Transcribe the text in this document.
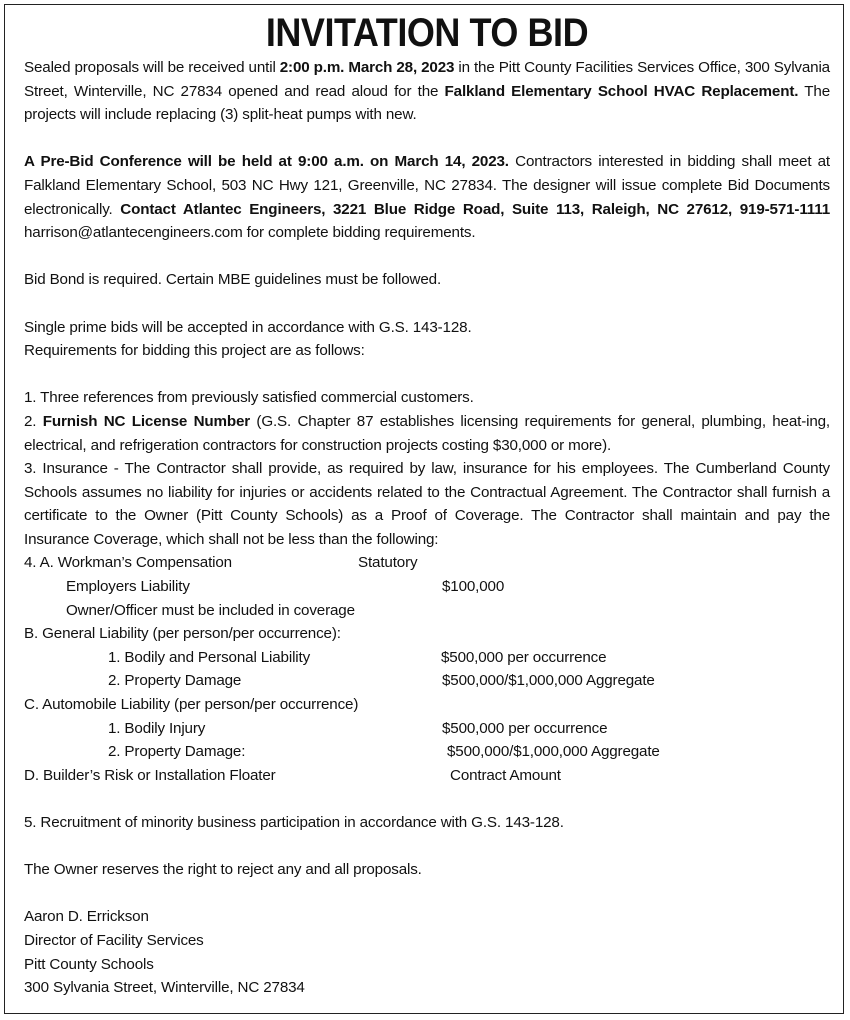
INVITATION TO BID

Sealed proposals will be received until 2:00 p.m. March 28, 2023 in the Pitt County Facilities Services Office, 300 Sylvania Street, Winterville, NC 27834 opened and read aloud for the Falkland Elementary School HVAC Replacement. The projects will include replacing (3) split-heat pumps with new.

A Pre-Bid Conference will be held at 9:00 a.m. on March 14, 2023. Contractors interested in bidding shall meet at Falkland Elementary School, 503 NC Hwy 121, Greenville, NC 27834. The designer will issue complete Bid Documents electronically. Contact Atlantec Engineers, 3221 Blue Ridge Road, Suite 113, Raleigh, NC 27612, 919-571-1111 harrison@atlantecengineers.com for complete bidding requirements.

Bid Bond is required. Certain MBE guidelines must be followed.

Single prime bids will be accepted in accordance with G.S. 143-128.

Requirements for bidding this project are as follows:

1. Three references from previously satisfied commercial customers.

2. Furnish NC License Number (G.S. Chapter 87 establishes licensing requirements for general, plumbing, heat-ing, electrical, and refrigeration contractors for construction projects costing $30,000 or more).

3. Insurance - The Contractor shall provide, as required by law, insurance for his employees. The Cumberland County Schools assumes no liability for injuries or accidents related to the Contractual Agreement. The Contractor shall furnish a certificate to the Owner (Pitt County Schools) as a Proof of Coverage. The Contractor shall maintain and pay the Insurance Coverage, which shall not be less than the following:

4. A. Workman’s Compensation	Statutory
Employers Liability	$100,000
Owner/Officer must be included in coverage
B. General Liability (per person/per occurrence):
1. Bodily and Personal Liability	$500,000 per occurrence
2. Property Damage	$500,000/$1,000,000 Aggregate
C. Automobile Liability (per person/per occurrence)
1. Bodily Injury	$500,000 per occurrence
2. Property Damage:	$500,000/$1,000,000 Aggregate
D. Builder’s Risk or Installation Floater	Contract Amount

5. Recruitment of minority business participation in accordance with G.S. 143-128.

The Owner reserves the right to reject any and all proposals.

Aaron D. Errickson

Director of Facility Services

Pitt County Schools

300 Sylvania Street, Winterville, NC 27834
